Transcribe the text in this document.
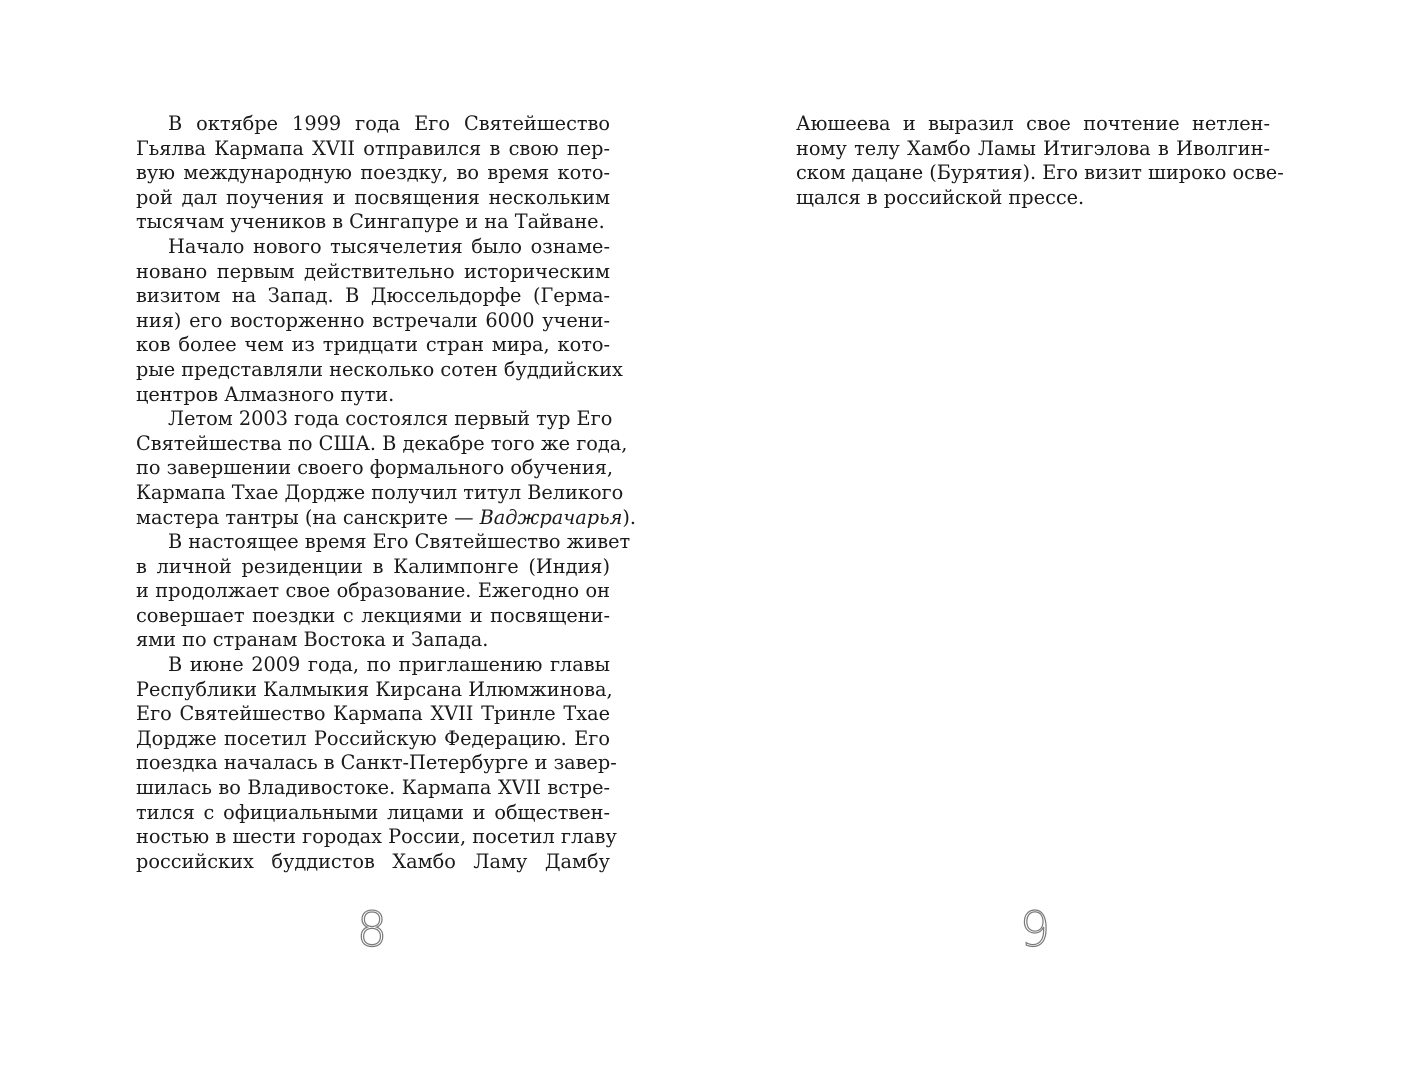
В октябре 1999 года Его Святейшество
Гьялва Кармапа XVII отправился в свою пер-
вую международную поездку, во время кото-
рой дал поучения и посвящения нескольким
тысячам учеников в Сингапуре и на Тайване.
Начало нового тысячелетия было ознаме-
новано первым действительно историческим
визитом на Запад. В Дюссельдорфе (Герма-
ния) его восторженно встречали 6000 учени-
ков более чем из тридцати стран мира, кото-
рые представляли несколько сотен буддийских
центров Алмазного пути.
Летом 2003 года состоялся первый тур Его
Святейшества по США. В декабре того же года,
по завершении своего формального обучения,
Кармапа Тхае Дордже получил титул Великого
мастера тантры (на санскрите — Ваджрачарья).
В настоящее время Его Святейшество живет
в личной резиденции в Калимпонге (Индия)
и продолжает свое образование. Ежегодно он
совершает поездки с лекциями и посвящени-
ями по странам Востока и Запада.
В июне 2009 года, по приглашению главы
Республики Калмыкия Кирсана Илюмжинова,
Его Святейшество Кармапа XVII Тринле Тхае
Дордже посетил Российскую Федерацию. Его
поездка началась в Санкт-Петербурге и завер-
шилась во Владивостоке. Кармапа XVII встре-
тился с официальными лицами и обществен-
ностью в шести городах России, посетил главу
российских буддистов Хамбо Ламу Дамбу
8
Аюшеева и выразил свое почтение нетлен-
ному телу Хамбо Ламы Итигэлова в Иволгин-
ском дацане (Бурятия). Его визит широко осве-
щался в российской прессе.
9
